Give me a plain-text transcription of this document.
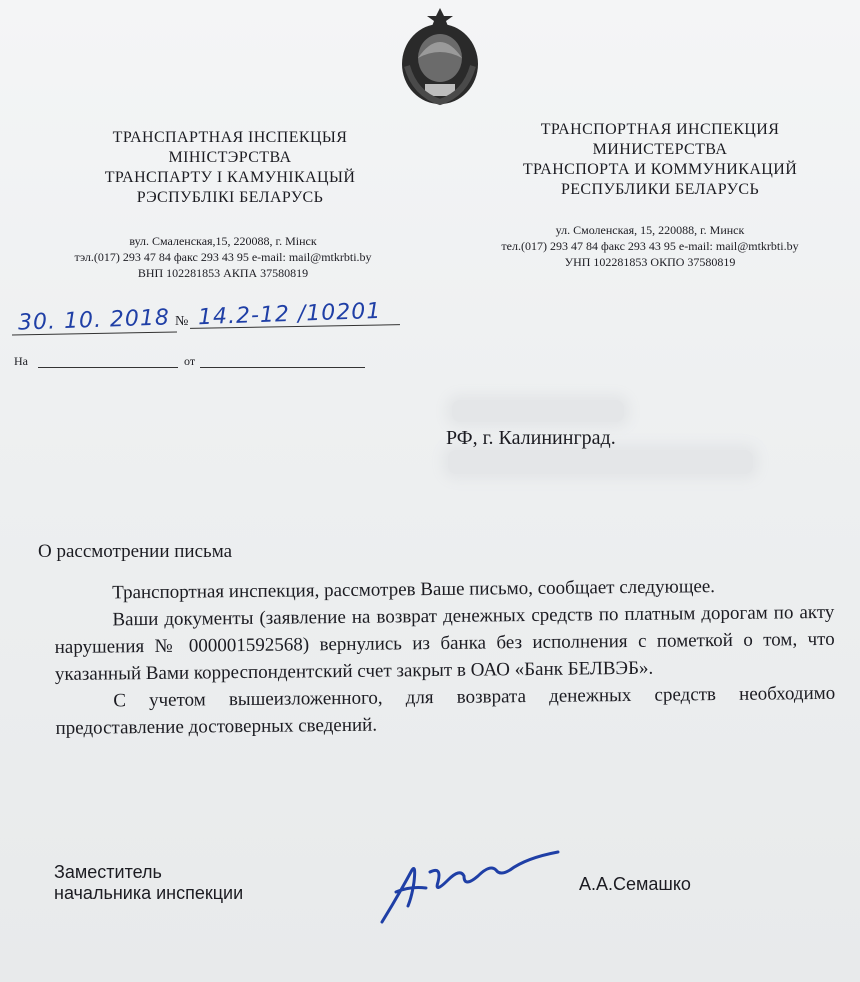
ТРАНСПАРТНАЯ ІНСПЕКЦЫЯ
МІНІСТЭРСТВА
ТРАНСПАРТУ І КАМУНІКАЦЫЙ
РЭСПУБЛІКІ БЕЛАРУСЬ
ТРАНСПОРТНАЯ ИНСПЕКЦИЯ
МИНИСТЕРСТВА
ТРАНСПОРТА И КОММУНИКАЦИЙ
РЕСПУБЛИКИ БЕЛАРУСЬ
вул. Смаленская,15, 220088, г. Мінск
тэл.(017) 293 47 84 факс 293 43 95 e-mail: mail@mtkrbti.by
ВНП 102281853 АКПА 37580819
ул. Смоленская, 15, 220088, г. Минск
тел.(017) 293 47 84 факс 293 43 95 e-mail: mail@mtkrbti.by
УНП 102281853 ОКПО 37580819
30. 10. 2018 № 14.2-12 /10201
На	от
РФ, г. Калининград.
О рассмотрении письма

Транспортная инспекция, рассмотрев Ваше письмо, сообщает следующее.

Ваши документы (заявление на возврат денежных средств по платным дорогам по акту нарушения № 000001592568) вернулись из банка без исполнения с пометкой о том, что указанный Вами корреспондентский счет закрыт в ОАО «Банк БЕЛВЭБ».

С учетом вышеизложенного, для возврата денежных средств необходимо предоставление достоверных сведений.

Заместитель
начальника инспекции	А.А.Семашко
